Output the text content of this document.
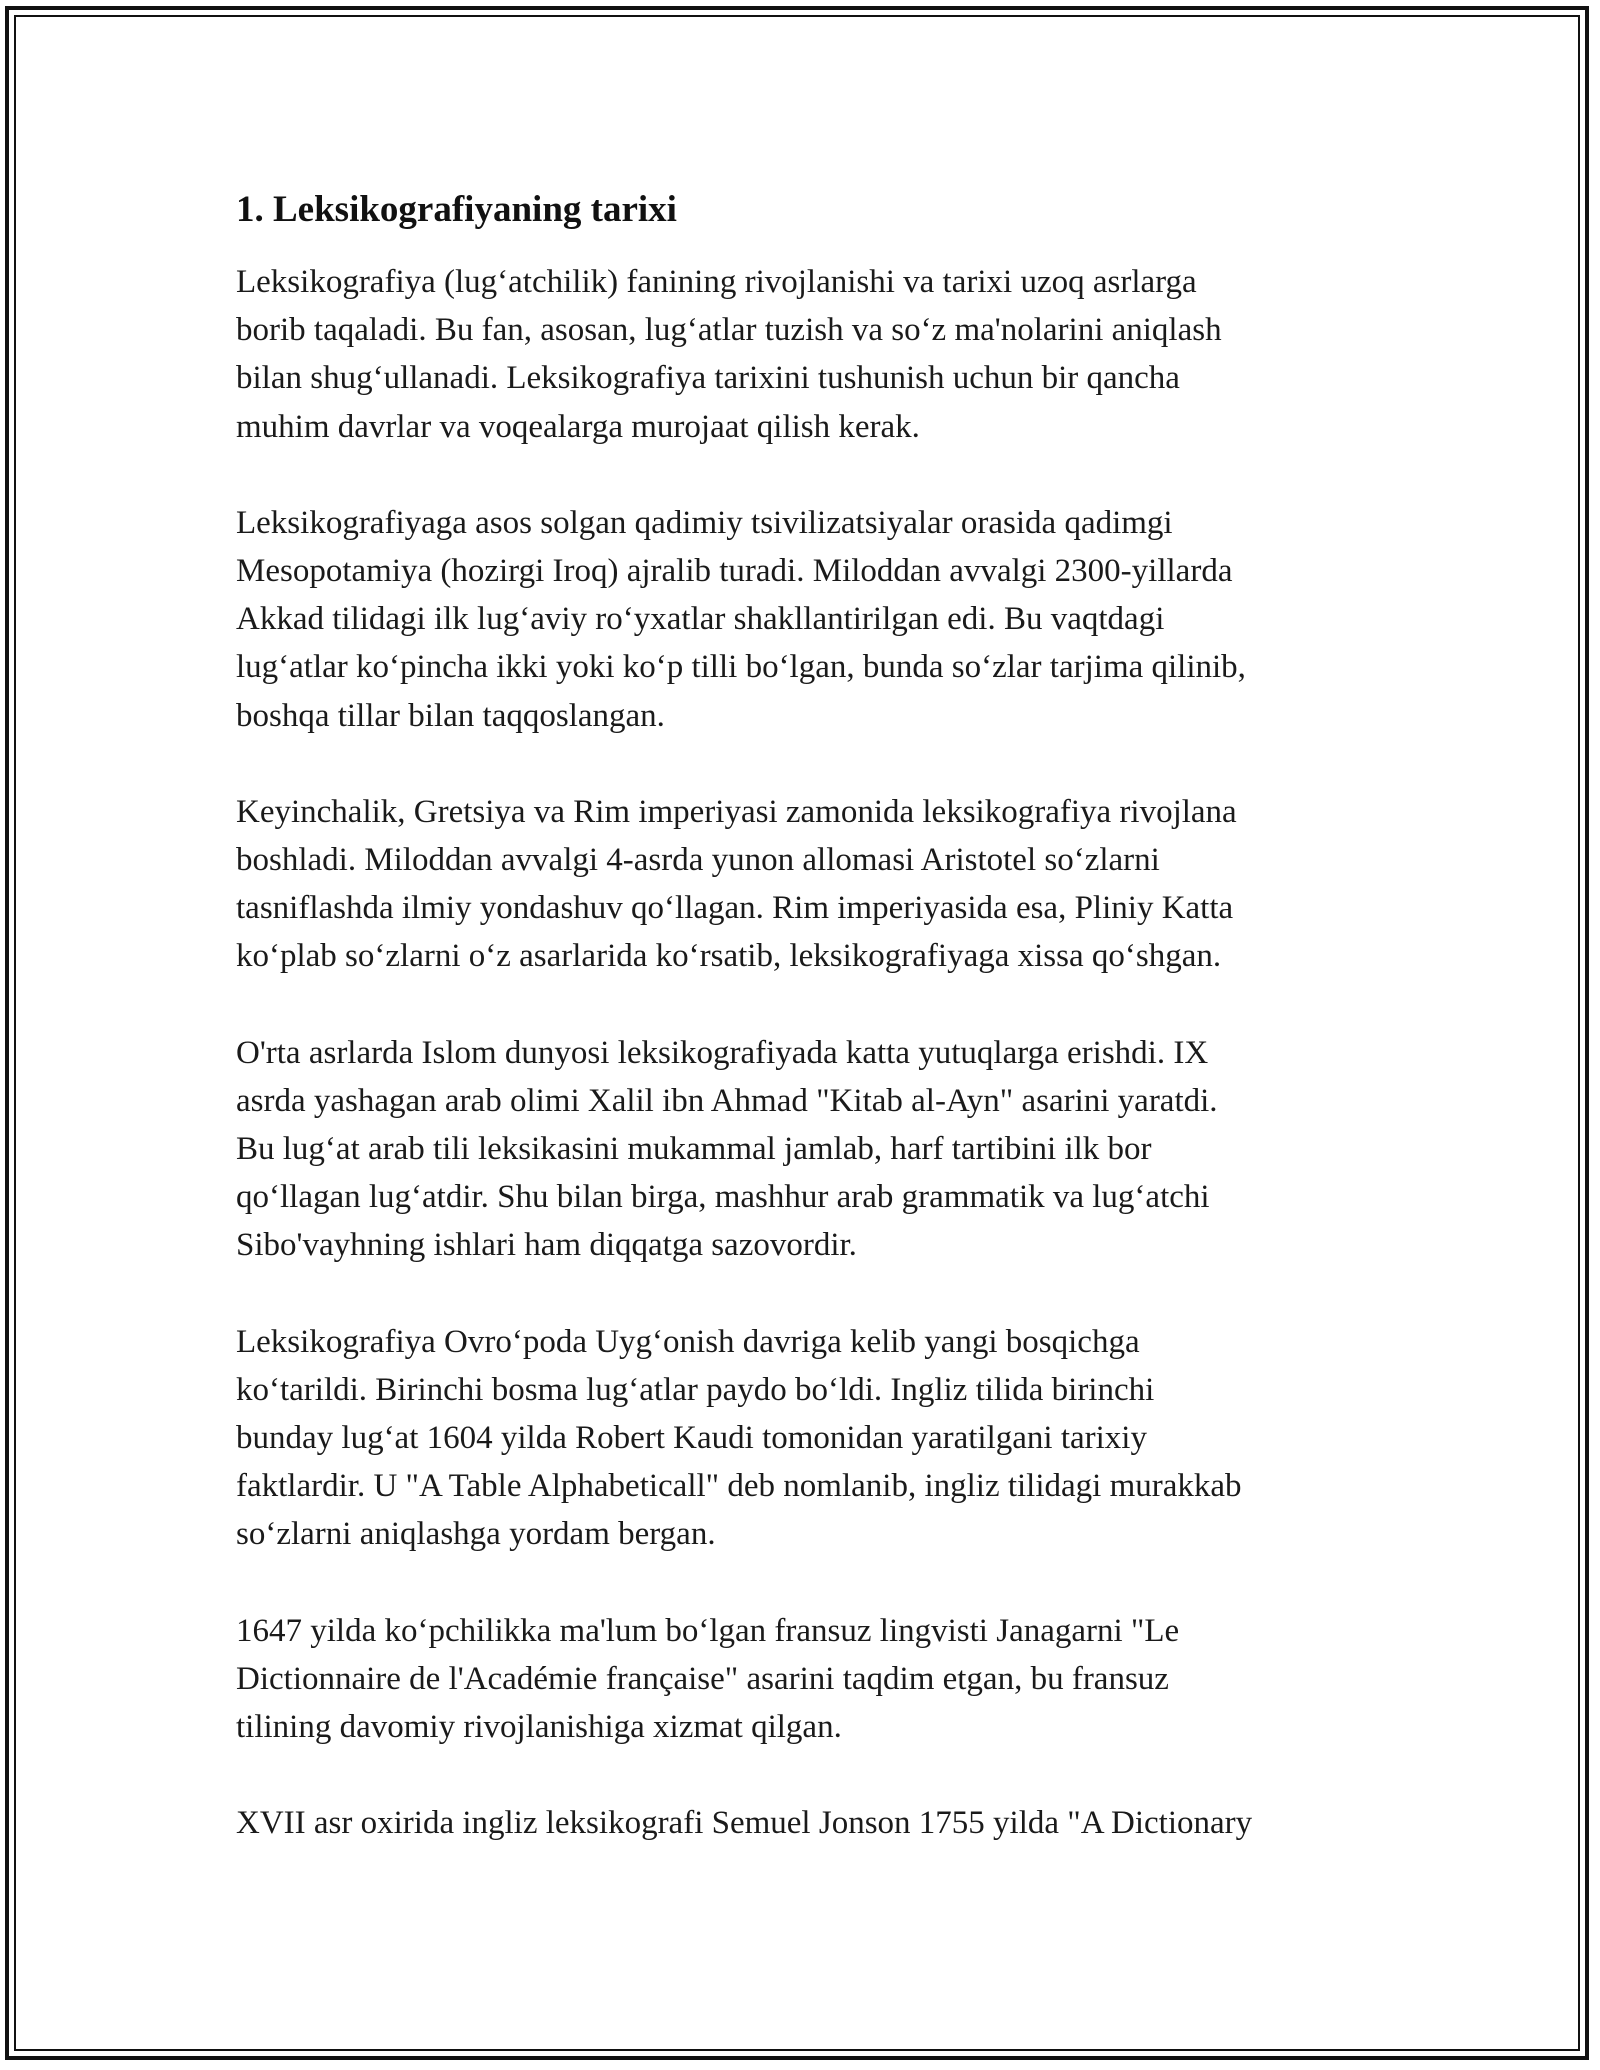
1. Leksikografiyaning tarixi

Leksikografiya (lug‘atchilik) fanining rivojlanishi va tarixi uzoq asrlarga
borib taqaladi. Bu fan, asosan, lug‘atlar tuzish va so‘z ma'nolarini aniqlash
bilan shug‘ullanadi. Leksikografiya tarixini tushunish uchun bir qancha
muhim davrlar va voqealarga murojaat qilish kerak.

Leksikografiyaga asos solgan qadimiy tsivilizatsiyalar orasida qadimgi
Mesopotamiya (hozirgi Iroq) ajralib turadi. Miloddan avvalgi 2300-yillarda
Akkad tilidagi ilk lug‘aviy ro‘yxatlar shakllantirilgan edi. Bu vaqtdagi
lug‘atlar ko‘pincha ikki yoki ko‘p tilli bo‘lgan, bunda so‘zlar tarjima qilinib,
boshqa tillar bilan taqqoslangan.

Keyinchalik, Gretsiya va Rim imperiyasi zamonida leksikografiya rivojlana
boshladi. Miloddan avvalgi 4-asrda yunon allomasi Aristotel so‘zlarni
tasniflashda ilmiy yondashuv qo‘llagan. Rim imperiyasida esa, Pliniy Katta
ko‘plab so‘zlarni o‘z asarlarida ko‘rsatib, leksikografiyaga xissa qo‘shgan.

O'rta asrlarda Islom dunyosi leksikografiyada katta yutuqlarga erishdi. IX
asrda yashagan arab olimi Xalil ibn Ahmad "Kitab al-Ayn" asarini yaratdi.
Bu lug‘at arab tili leksikasini mukammal jamlab, harf tartibini ilk bor
qo‘llagan lug‘atdir. Shu bilan birga, mashhur arab grammatik va lug‘atchi
Sibo'vayhning ishlari ham diqqatga sazovordir.

Leksikografiya Ovro‘poda Uyg‘onish davriga kelib yangi bosqichga
ko‘tarildi. Birinchi bosma lug‘atlar paydo bo‘ldi. Ingliz tilida birinchi
bunday lug‘at 1604 yilda Robert Kaudi tomonidan yaratilgani tarixiy
faktlardir. U "A Table Alphabeticall" deb nomlanib, ingliz tilidagi murakkab
so‘zlarni aniqlashga yordam bergan.

1647 yilda ko‘pchilikka ma'lum bo‘lgan fransuz lingvisti Janagarni "Le
Dictionnaire de l'Académie française" asarini taqdim etgan, bu fransuz
tilining davomiy rivojlanishiga xizmat qilgan.

XVII asr oxirida ingliz leksikografi Semuel Jonson 1755 yilda "A Dictionary
